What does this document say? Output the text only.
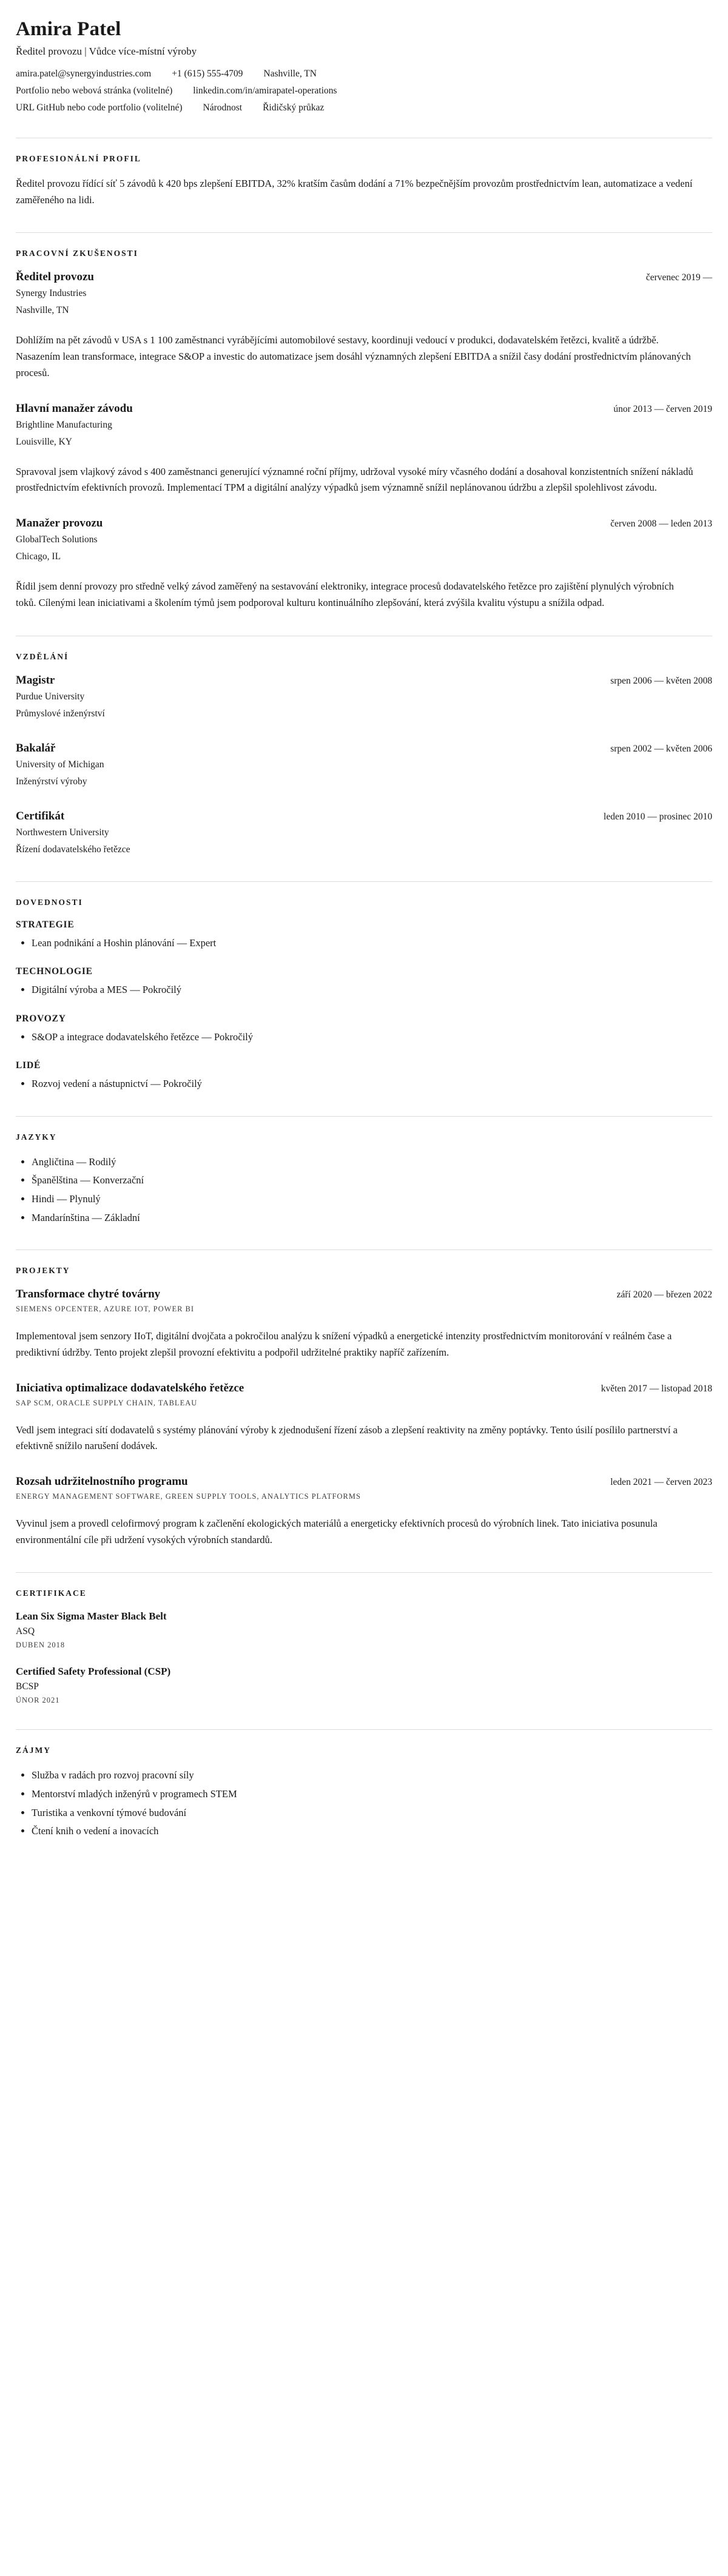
Amira Patel
Ředitel provozu | Vůdce více-místní výroby
amira.patel@synergyindustries.com +1 (615) 555-4709 Nashville, TN
Portfolio nebo webová stránka (volitelné) linkedin.com/in/amirapatel-operations
URL GitHub nebo code portfolio (volitelné) Národnost Řidičský průkaz
PROFESIONÁLNÍ PROFIL

Ředitel provozu řídící síť 5 závodů k 420 bps zlepšení EBITDA, 32% kratším časům dodání a 71% bezpečnějším provozům prostřednictvím lean, automatizace a vedení zaměřeného na lidi.

PRACOVNÍ ZKUŠENOSTI
Ředitel provozu	červenec 2019 —
Synergy Industries
Nashville, TN

Dohlížím na pět závodů v USA s 1 100 zaměstnanci vyrábějícími automobilové sestavy, koordinuji vedoucí v produkci, dodavatelském řetězci, kvalitě a údržbě. Nasazením lean transformace, integrace S&OP a investic do automatizace jsem dosáhl významných zlepšení EBITDA a snížil časy dodání prostřednictvím plánovaných procesů.

Hlavní manažer závodu	únor 2013 — červen 2019
Brightline Manufacturing
Louisville, KY

Spravoval jsem vlajkový závod s 400 zaměstnanci generující významné roční příjmy, udržoval vysoké míry včasného dodání a dosahoval konzistentních snížení nákladů prostřednictvím efektivních provozů. Implementací TPM a digitální analýzy výpadků jsem významně snížil neplánovanou údržbu a zlepšil spolehlivost závodu.

Manažer provozu	červen 2008 — leden 2013
GlobalTech Solutions
Chicago, IL

Řídil jsem denní provozy pro středně velký závod zaměřený na sestavování elektroniky, integrace procesů dodavatelského řetězce pro zajištění plynulých výrobních toků. Cílenými lean iniciativami a školením týmů jsem podporoval kulturu kontinuálního zlepšování, která zvýšila kvalitu výstupu a snížila odpad.

VZDĚLÁNÍ
Magistr	srpen 2006 — květen 2008
Purdue University
Průmyslové inženýrství
Bakalář	srpen 2002 — květen 2006
University of Michigan
Inženýrství výroby
Certifikát	leden 2010 — prosinec 2010
Northwestern University
Řízení dodavatelského řetězce
DOVEDNOSTI
STRATEGIE
• Lean podnikání a Hoshin plánování — Expert
TECHNOLOGIE
• Digitální výroba a MES — Pokročilý
PROVOZY
• S&OP a integrace dodavatelského řetězce — Pokročilý
LIDÉ
• Rozvoj vedení a nástupnictví — Pokročilý
JAZYKY
• Angličtina — Rodilý
• Španělština — Konverzační
• Hindi — Plynulý
• Mandarínština — Základní
PROJEKTY
Transformace chytré továrny	září 2020 — březen 2022
SIEMENS OPCENTER, AZURE IOT, POWER BI

Implementoval jsem senzory IIoT, digitální dvojčata a pokročilou analýzu k snížení výpadků a energetické intenzity prostřednictvím monitorování v reálném čase a prediktivní údržby. Tento projekt zlepšil provozní efektivitu a podpořil udržitelné praktiky napříč zařízením.

Iniciativa optimalizace dodavatelského řetězce	květen 2017 — listopad 2018
SAP SCM, ORACLE SUPPLY CHAIN, TABLEAU

Vedl jsem integraci sítí dodavatelů s systémy plánování výroby k zjednodušení řízení zásob a zlepšení reaktivity na změny poptávky. Tento úsilí posílilo partnerství a efektivně snížilo narušení dodávek.

Rozsah udržitelnostního programu	leden 2021 — červen 2023
ENERGY MANAGEMENT SOFTWARE, GREEN SUPPLY TOOLS, ANALYTICS PLATFORMS

Vyvinul jsem a provedl celofirmový program k začlenění ekologických materiálů a energeticky efektivních procesů do výrobních linek. Tato iniciativa posunula environmentální cíle při udržení vysokých výrobních standardů.

CERTIFIKACE
Lean Six Sigma Master Black Belt
ASQ
DUBEN 2018
Certified Safety Professional (CSP)
BCSP
ÚNOR 2021
ZÁJMY
• Služba v radách pro rozvoj pracovní síly
• Mentorství mladých inženýrů v programech STEM
• Turistika a venkovní týmové budování
• Čtení knih o vedení a inovacích
